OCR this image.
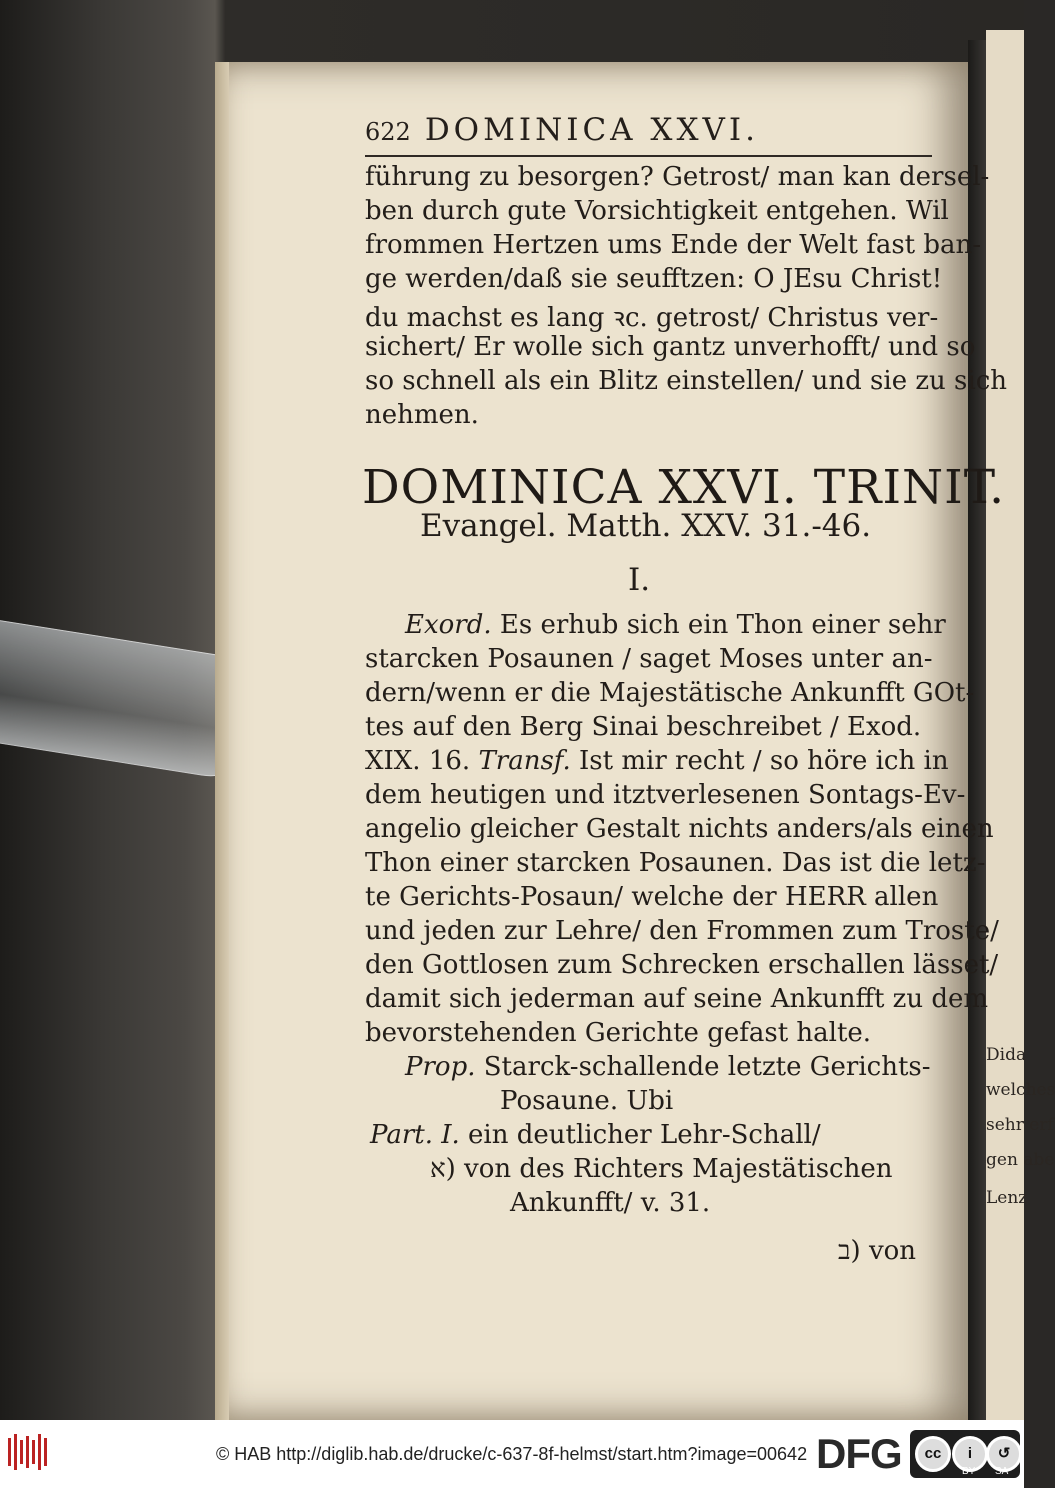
Dida
welches
sehr erf
gen abe
Lenz
622 DOMINICA XXVI.
führung zu besorgen? Getrost/ man kan dersel-
ben durch gute Vorsichtigkeit entgehen. Wil
frommen Hertzen ums Ende der Welt fast ban-
ge werden/daß sie seufftzen: O JEsu Christ!
du machst es lang ꝛc. getrost/ Christus ver-
sichert/ Er wolle sich gantz unverhofft/ und so
so schnell als ein Blitz einstellen/ und sie zu sich
nehmen.
DOMINICA XXVI. TRINIT.
Evangel. Matth. XXV. 31.-46.
I.
Exord. Es erhub sich ein Thon einer sehr
starcken Posaunen / saget Moses unter an-
dern/wenn er die Majestätische Ankunfft GOt-
tes auf den Berg Sinai beschreibet / Exod.
XIX. 16. Transf. Ist mir recht / so höre ich in
dem heutigen und itztverlesenen Sontags-Ev-
angelio gleicher Gestalt nichts anders/als einen
Thon einer starcken Posaunen. Das ist die letz-
te Gerichts-Posaun/ welche der HERR allen
und jeden zur Lehre/ den Frommen zum Troste/
den Gottlosen zum Schrecken erschallen lässet/
damit sich jederman auf seine Ankunfft zu dem
bevorstehenden Gerichte gefast halte.
Prop. Starck-schallende letzte Gerichts-
Posaune. Ubi
Part. I. ein deutlicher Lehr-Schall/
א) von des Richters Majestätischen
Ankunfft/ v. 31.
ב) von
© HAB http://diglib.hab.de/drucke/c-637-8f-helmst/start.htm?image=00642 DFG	cc	i	↺
BY SA
